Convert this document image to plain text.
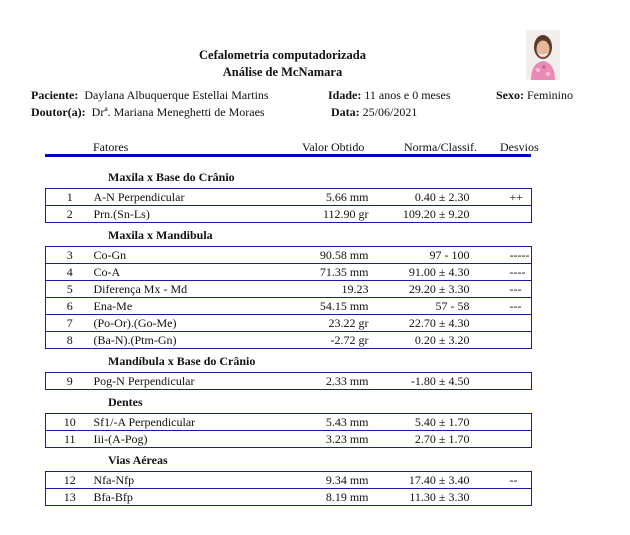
Cefalometria computadorizada
Análise de McNamara
Paciente: Daylana Albuquerque Estellai Martins	Idade: 11 anos e 0 meses	Sexo: Feminino
Doutor(a): Drª. Mariana Meneghetti de Moraes	Data: 25/06/2021
Fatores	Valor Obtido	Norma/Classif. Desvios
Maxila x Base do Crânio
1	A-N Perpendicular	5.66 mm	0.40 ± 2.30	++
2	Prn.(Sn-Ls)	112.90 gr	109.20 ± 9.20	
Maxila x Mandibula
3	Co-Gn	90.58 mm	97 - 100	-----
4	Co-A	71.35 mm	91.00 ± 4.30	----
5	Diferença Mx - Md	19.23	29.20 ± 3.30	---
6	Ena-Me	54.15 mm	57 - 58	---
7	(Po-Or).(Go-Me)	23.22 gr	22.70 ± 4.30	
8	(Ba-N).(Ptm-Gn)	-2.72 gr	0.20 ± 3.20	
Mandíbula x Base do Crânio
9	Pog-N Perpendicular	2.33 mm	-1.80 ± 4.50	
Dentes
10	Sf1/-A Perpendicular	5.43 mm	5.40 ± 1.70	
11	Iii-(A-Pog)	3.23 mm	2.70 ± 1.70	
Vias Aéreas
12	Nfa-Nfp	9.34 mm	17.40 ± 3.40	--
13	Bfa-Bfp	8.19 mm	11.30 ± 3.30	
